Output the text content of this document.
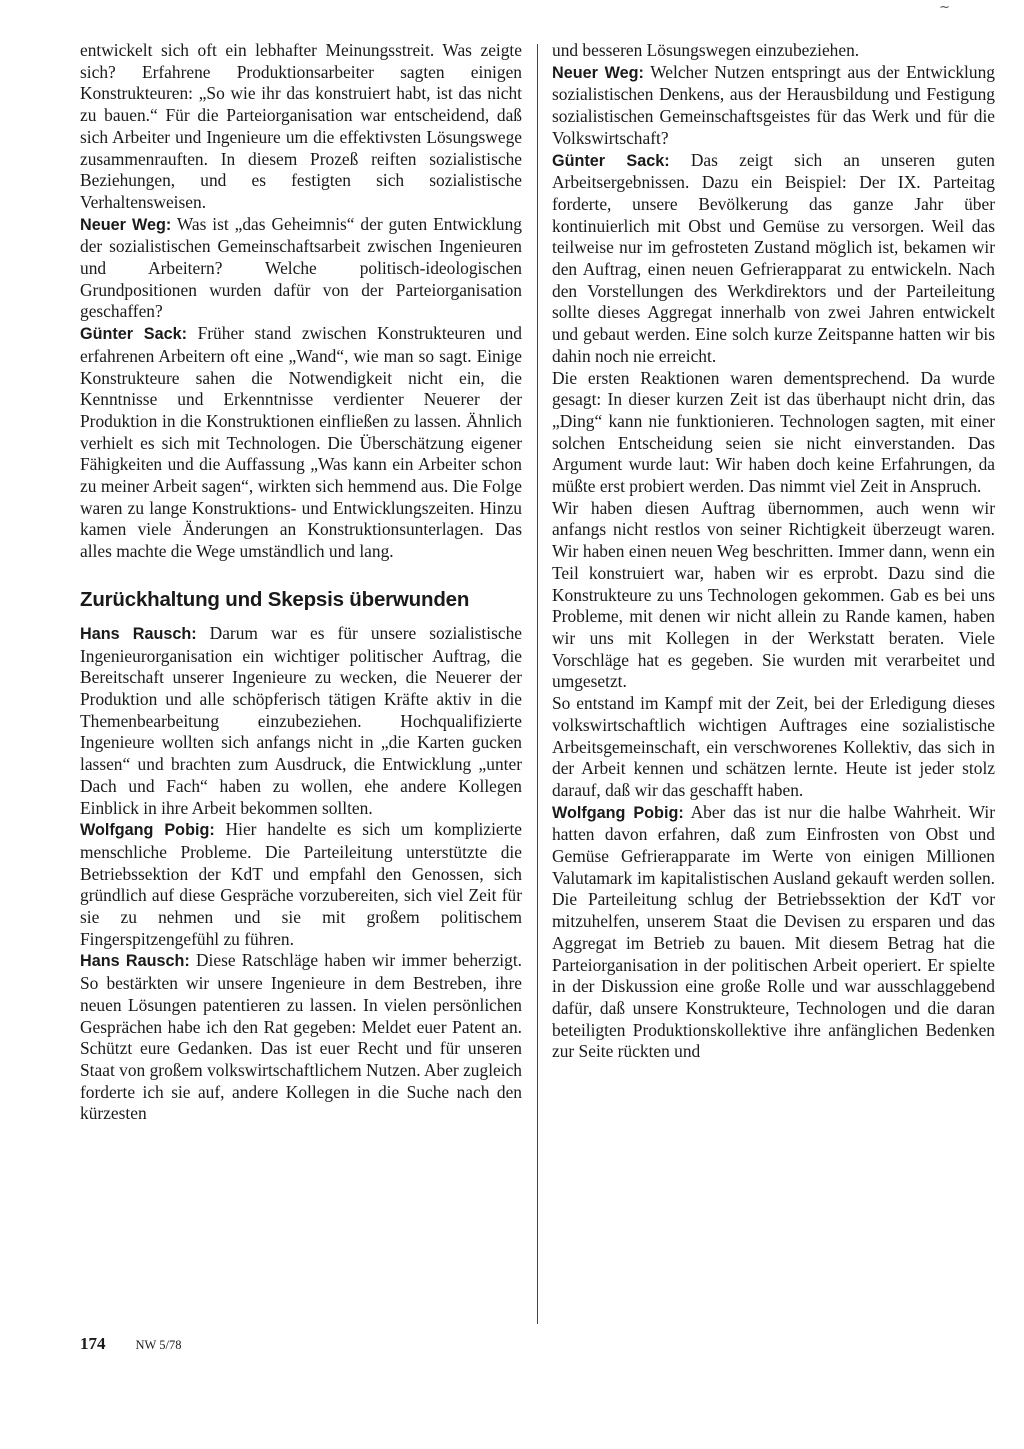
~

entwickelt sich oft ein lebhafter Meinungsstreit. Was zeigte sich? Erfahrene Produktionsarbeiter sagten einigen Konstrukteuren: „So wie ihr das konstruiert habt, ist das nicht zu bauen.“ Für die Parteiorganisation war entscheidend, daß sich Arbeiter und Ingenieure um die effektivsten Lösungswege zusammenrauften. In diesem Prozeß reiften sozialistische Beziehungen, und es festigten sich sozialistische Verhaltensweisen.

Neuer Weg: Was ist „das Geheimnis“ der guten Entwicklung der sozialistischen Gemeinschaftsarbeit zwischen Ingenieuren und Arbeitern? Welche politisch-ideologischen Grundpositionen wurden dafür von der Parteiorganisation geschaffen?

Günter Sack: Früher stand zwischen Konstrukteuren und erfahrenen Arbeitern oft eine „Wand“, wie man so sagt. Einige Konstrukteure sahen die Notwendigkeit nicht ein, die Kenntnisse und Erkenntnisse verdienter Neuerer der Produktion in die Konstruktionen einfließen zu lassen. Ähnlich verhielt es sich mit Technologen. Die Überschätzung eigener Fähigkeiten und die Auffassung „Was kann ein Arbeiter schon zu meiner Arbeit sagen“, wirkten sich hemmend aus. Die Folge waren zu lange Konstruktions- und Entwicklungszeiten. Hinzu kamen viele Änderungen an Konstruktionsunterlagen. Das alles machte die Wege umständlich und lang.

Zurückhaltung und Skepsis überwunden

Hans Rausch: Darum war es für unsere sozialistische Ingenieurorganisation ein wichtiger politischer Auftrag, die Bereitschaft unserer Ingenieure zu wecken, die Neuerer der Produktion und alle schöpferisch tätigen Kräfte aktiv in die Themenbearbeitung einzubeziehen. Hochqualifizierte Ingenieure wollten sich anfangs nicht in „die Karten gucken lassen“ und brachten zum Ausdruck, die Entwicklung „unter Dach und Fach“ haben zu wollen, ehe andere Kollegen Einblick in ihre Arbeit bekommen sollten.

Wolfgang Pobig: Hier handelte es sich um komplizierte menschliche Probleme. Die Parteileitung unterstützte die Betriebssektion der KdT und empfahl den Genossen, sich gründlich auf diese Gespräche vorzubereiten, sich viel Zeit für sie zu nehmen und sie mit großem politischem Fingerspitzengefühl zu führen.

Hans Rausch: Diese Ratschläge haben wir immer beherzigt. So bestärkten wir unsere Ingenieure in dem Bestreben, ihre neuen Lösungen patentieren zu lassen. In vielen persönlichen Gesprächen habe ich den Rat gegeben: Meldet euer Patent an. Schützt eure Gedanken. Das ist euer Recht und für unseren Staat von großem volkswirtschaftlichem Nutzen. Aber zugleich forderte ich sie auf, andere Kollegen in die Suche nach den kürzesten

und besseren Lösungswegen einzubeziehen.

Neuer Weg: Welcher Nutzen entspringt aus der Entwicklung sozialistischen Denkens, aus der Herausbildung und Festigung sozialistischen Gemeinschaftsgeistes für das Werk und für die Volkswirtschaft?

Günter Sack: Das zeigt sich an unseren guten Arbeitsergebnissen. Dazu ein Beispiel: Der IX. Parteitag forderte, unsere Bevölkerung das ganze Jahr über kontinuierlich mit Obst und Gemüse zu versorgen. Weil das teilweise nur im gefrosteten Zustand möglich ist, bekamen wir den Auftrag, einen neuen Gefrierapparat zu entwickeln. Nach den Vorstellungen des Werkdirektors und der Parteileitung sollte dieses Aggregat innerhalb von zwei Jahren entwickelt und gebaut werden. Eine solch kurze Zeitspanne hatten wir bis dahin noch nie erreicht.

Die ersten Reaktionen waren dementsprechend. Da wurde gesagt: In dieser kurzen Zeit ist das überhaupt nicht drin, das „Ding“ kann nie funktionieren. Technologen sagten, mit einer solchen Entscheidung seien sie nicht einverstanden. Das Argument wurde laut: Wir haben doch keine Erfahrungen, da müßte erst probiert werden. Das nimmt viel Zeit in Anspruch.

Wir haben diesen Auftrag übernommen, auch wenn wir anfangs nicht restlos von seiner Richtigkeit überzeugt waren. Wir haben einen neuen Weg beschritten. Immer dann, wenn ein Teil konstruiert war, haben wir es erprobt. Dazu sind die Konstrukteure zu uns Technologen gekommen. Gab es bei uns Probleme, mit denen wir nicht allein zu Rande kamen, haben wir uns mit Kollegen in der Werkstatt beraten. Viele Vorschläge hat es gegeben. Sie wurden mit verarbeitet und umgesetzt.

So entstand im Kampf mit der Zeit, bei der Erledigung dieses volkswirtschaftlich wichtigen Auftrages eine sozialistische Arbeitsgemeinschaft, ein verschworenes Kollektiv, das sich in der Arbeit kennen und schätzen lernte. Heute ist jeder stolz darauf, daß wir das geschafft haben.

Wolfgang Pobig: Aber das ist nur die halbe Wahrheit. Wir hatten davon erfahren, daß zum Einfrosten von Obst und Gemüse Gefrierapparate im Werte von einigen Millionen Valutamark im kapitalistischen Ausland gekauft werden sollen. Die Parteileitung schlug der Betriebssektion der KdT vor mitzuhelfen, unserem Staat die Devisen zu ersparen und das Aggregat im Betrieb zu bauen. Mit diesem Betrag hat die Parteiorganisation in der politischen Arbeit operiert. Er spielte in der Diskussion eine große Rolle und war ausschlaggebend dafür, daß unsere Konstrukteure, Technologen und die daran beteiligten Produktionskollektive ihre anfänglichen Bedenken zur Seite rückten und

174 NW 5/78
